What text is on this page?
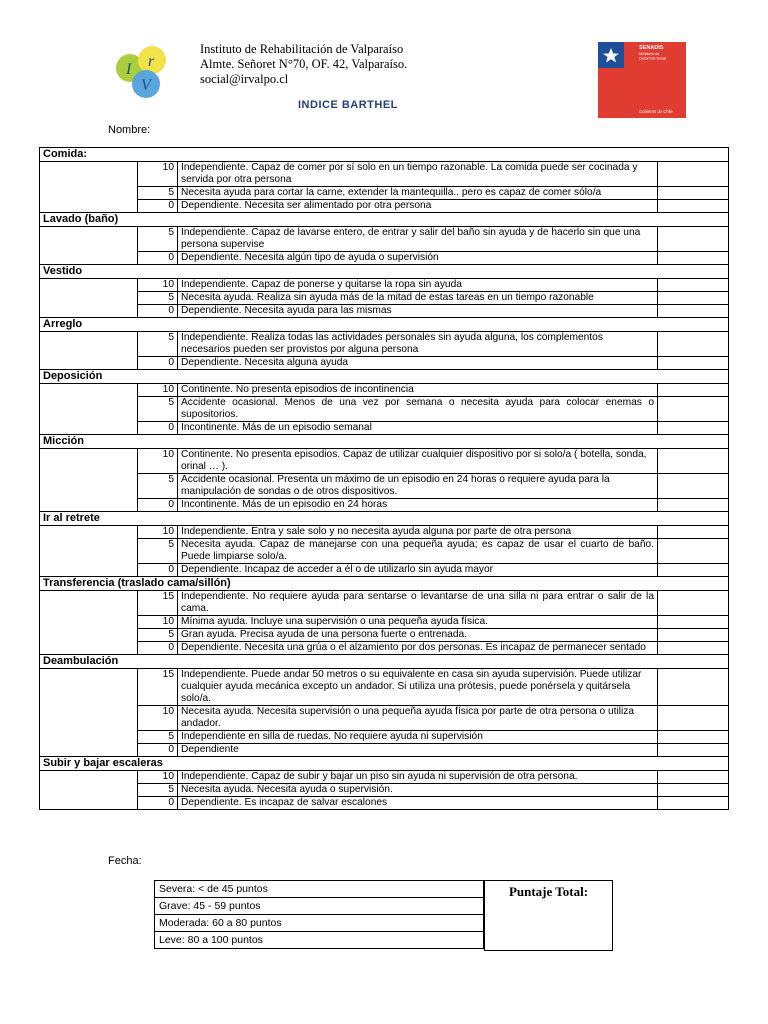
I r
V
Instituto de Rehabilitación de Valparaíso
Almte. Señoret N°70, OF. 42, Valparaíso.
social@irvalpo.cl
INDICE BARTHEL
SENADIS
Ministerio de
Desarrollo Social
Gobierno de Chile
Nombre:
Comida:			
	10	Independiente. Capaz de comer por sí solo en un tiempo razonable. La comida puede ser cocinada y servida por otra persona	
	5	Necesita ayuda para cortar la carne, extender la mantequilla.. pero es capaz de comer sólo/a	
	0	Dependiente. Necesita ser alimentado por otra persona	
Lavado (baño)			
	5	Independiente. Capaz de lavarse entero, de entrar y salir del baño sin ayuda y de hacerlo sin que una persona supervise	
	0	Dependiente. Necesita algún tipo de ayuda o supervisión	
Vestido			
	10	Independiente. Capaz de ponerse y quitarse la ropa sin ayuda	
	5	Necesita ayuda. Realiza sin ayuda más de la mitad de estas tareas en un tiempo razonable	
	0	Dependiente. Necesita ayuda para las mismas	
Arreglo			
	5	Independiente. Realiza todas las actividades personales sin ayuda alguna, los complementos necesarios pueden ser provistos por alguna persona	
	0	Dependiente. Necesita alguna ayuda	
Deposición			
	10	Continente. No presenta episodios de incontinencia	
	5	Accidente ocasional. Menos de una vez por semana o necesita ayuda para colocar enemas o supositorios.	
	0	Incontinente. Más de un episodio semanal	
Micción			
	10	Continente. No presenta episodios. Capaz de utilizar cualquier dispositivo por si solo/a ( botella, sonda, orinal … ).	
	5	Accidente ocasional. Presenta un máximo de un episodio en 24 horas o requiere ayuda para la manipulación de sondas o de otros dispositivos.	
	0	Incontinente. Más de un episodio en 24 horas	
Ir al retrete			
	10	Independiente. Entra y sale solo y no necesita ayuda alguna por parte de otra persona	
	5	Necesita ayuda. Capaz de manejarse con una pequeña ayuda; es capaz de usar el cuarto de baño. Puede limpiarse solo/a.	
	0	Dependiente. Incapaz de acceder a él o de utilizarlo sin ayuda mayor	
Transferencia (traslado cama/sillón)			
	15	Independiente. No requiere ayuda para sentarse o levantarse de una silla ni para entrar o salir de la cama.	
	10	Mínima ayuda. Incluye una supervisión o una pequeña ayuda física.	
	5	Gran ayuda. Precisa ayuda de una persona fuerte o entrenada.	
	0	Dependiente. Necesita una grúa o el alzamiento por dos personas. Es incapaz de permanecer sentado	
Deambulación			
	15	Independiente. Puede andar 50 metros o su equivalente en casa sin ayuda supervisión. Puede utilizar cualquier ayuda mecánica excepto un andador. Si utiliza una prótesis, puede ponérsela y quitársela solo/a.	
	10	Necesita ayuda. Necesita supervisión o una pequeña ayuda física por parte de otra persona o utiliza andador.	
	5	Independiente en silla de ruedas. No requiere ayuda ni supervisión	
	0	Dependiente	
Subir y bajar escaleras			
	10	Independiente. Capaz de subir y bajar un piso sin ayuda ni supervisión de otra persona.	
	5	Necesita ayuda. Necesita ayuda o supervisión.	
	0	Dependiente. Es incapaz de salvar escalones	
Fecha:
Severa: < de 45 puntos
Grave: 45 - 59 puntos
Moderada: 60 a 80 puntos
Leve: 80 a 100 puntos
Puntaje Total:
